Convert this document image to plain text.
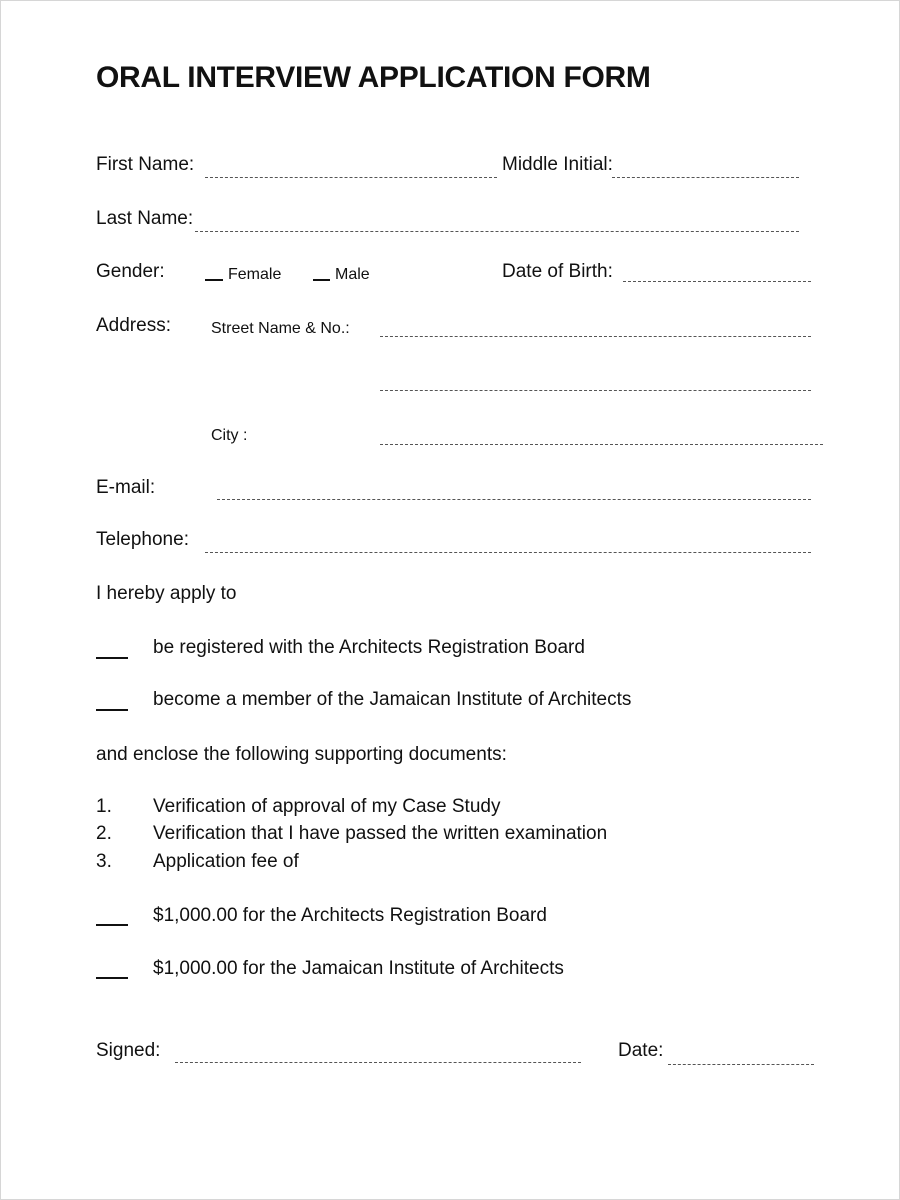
ORAL INTERVIEW APPLICATION FORM
First Name:	Middle Initial:
Last Name:
Gender:	Female	Male	Date of Birth:
Address:	Street Name & No.:
City :
E-mail:
Telephone:
I hereby apply to
be registered with the Architects Registration Board
become a member of the Jamaican Institute of Architects
and enclose the following supporting documents:
1. Verification of approval of my Case Study
2. Verification that I have passed the written examination
3. Application fee of
$1,000.00 for the Architects Registration Board
$1,000.00 for the Jamaican Institute of Architects
Signed:	Date:
